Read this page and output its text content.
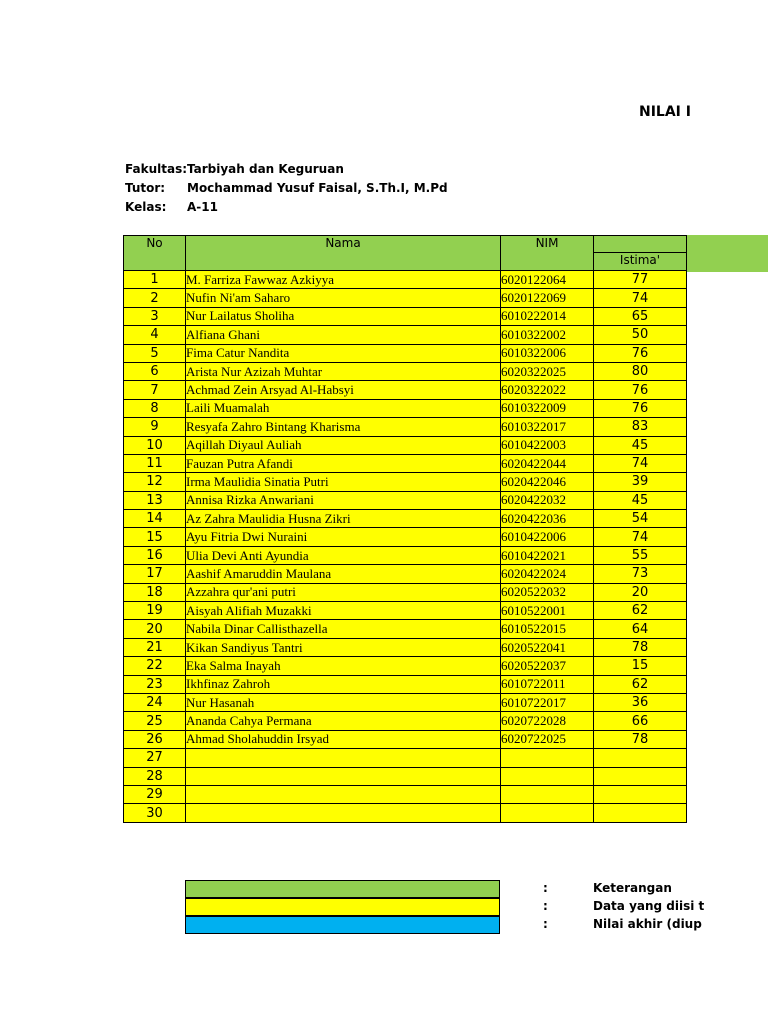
NILAI I
Fakultas: Tarbiyah dan Keguruan
Tutor: Mochammad Yusuf Faisal, S.Th.I, M.Pd
Kelas: A-11
No	Nama	NIM	
			Istima'
1	M. Farriza Fawwaz Azkiyya	6020122064	77
2	Nufin Ni'am Saharo	6020122069	74
3	Nur Lailatus Sholiha	6010222014	65
4	Alfiana Ghani	6010322002	50
5	Fima Catur Nandita	6010322006	76
6	Arista Nur Azizah Muhtar	6020322025	80
7	Achmad Zein Arsyad Al-Habsyi	6020322022	76
8	Laili Muamalah	6010322009	76
9	Resyafa Zahro Bintang Kharisma	6010322017	83
10	Aqillah Diyaul Auliah	6010422003	45
11	Fauzan Putra Afandi	6020422044	74
12	Irma Maulidia Sinatia Putri	6020422046	39
13	Annisa Rizka Anwariani	6020422032	45
14	Az Zahra Maulidia Husna Zikri	6020422036	54
15	Ayu Fitria Dwi Nuraini	6010422006	74
16	Ulia Devi Anti Ayundia	6010422021	55
17	Aashif Amaruddin Maulana	6020422024	73
18	Azzahra qur'ani putri	6020522032	20
19	Aisyah Alifiah Muzakki	6010522001	62
20	Nabila Dinar Callisthazella	6010522015	64
21	Kikan Sandiyus Tantri	6020522041	78
22	Eka Salma Inayah	6020522037	15
23	Ikhfinaz Zahroh	6010722011	62
24	Nur Hasanah	6010722017	36
25	Ananda Cahya Permana	6020722028	66
26	Ahmad Sholahuddin Irsyad	6020722025	78
27			
28			
29			
30			
:	Keterangan
:	Data yang diisi t
:	Nilai akhir (diup
